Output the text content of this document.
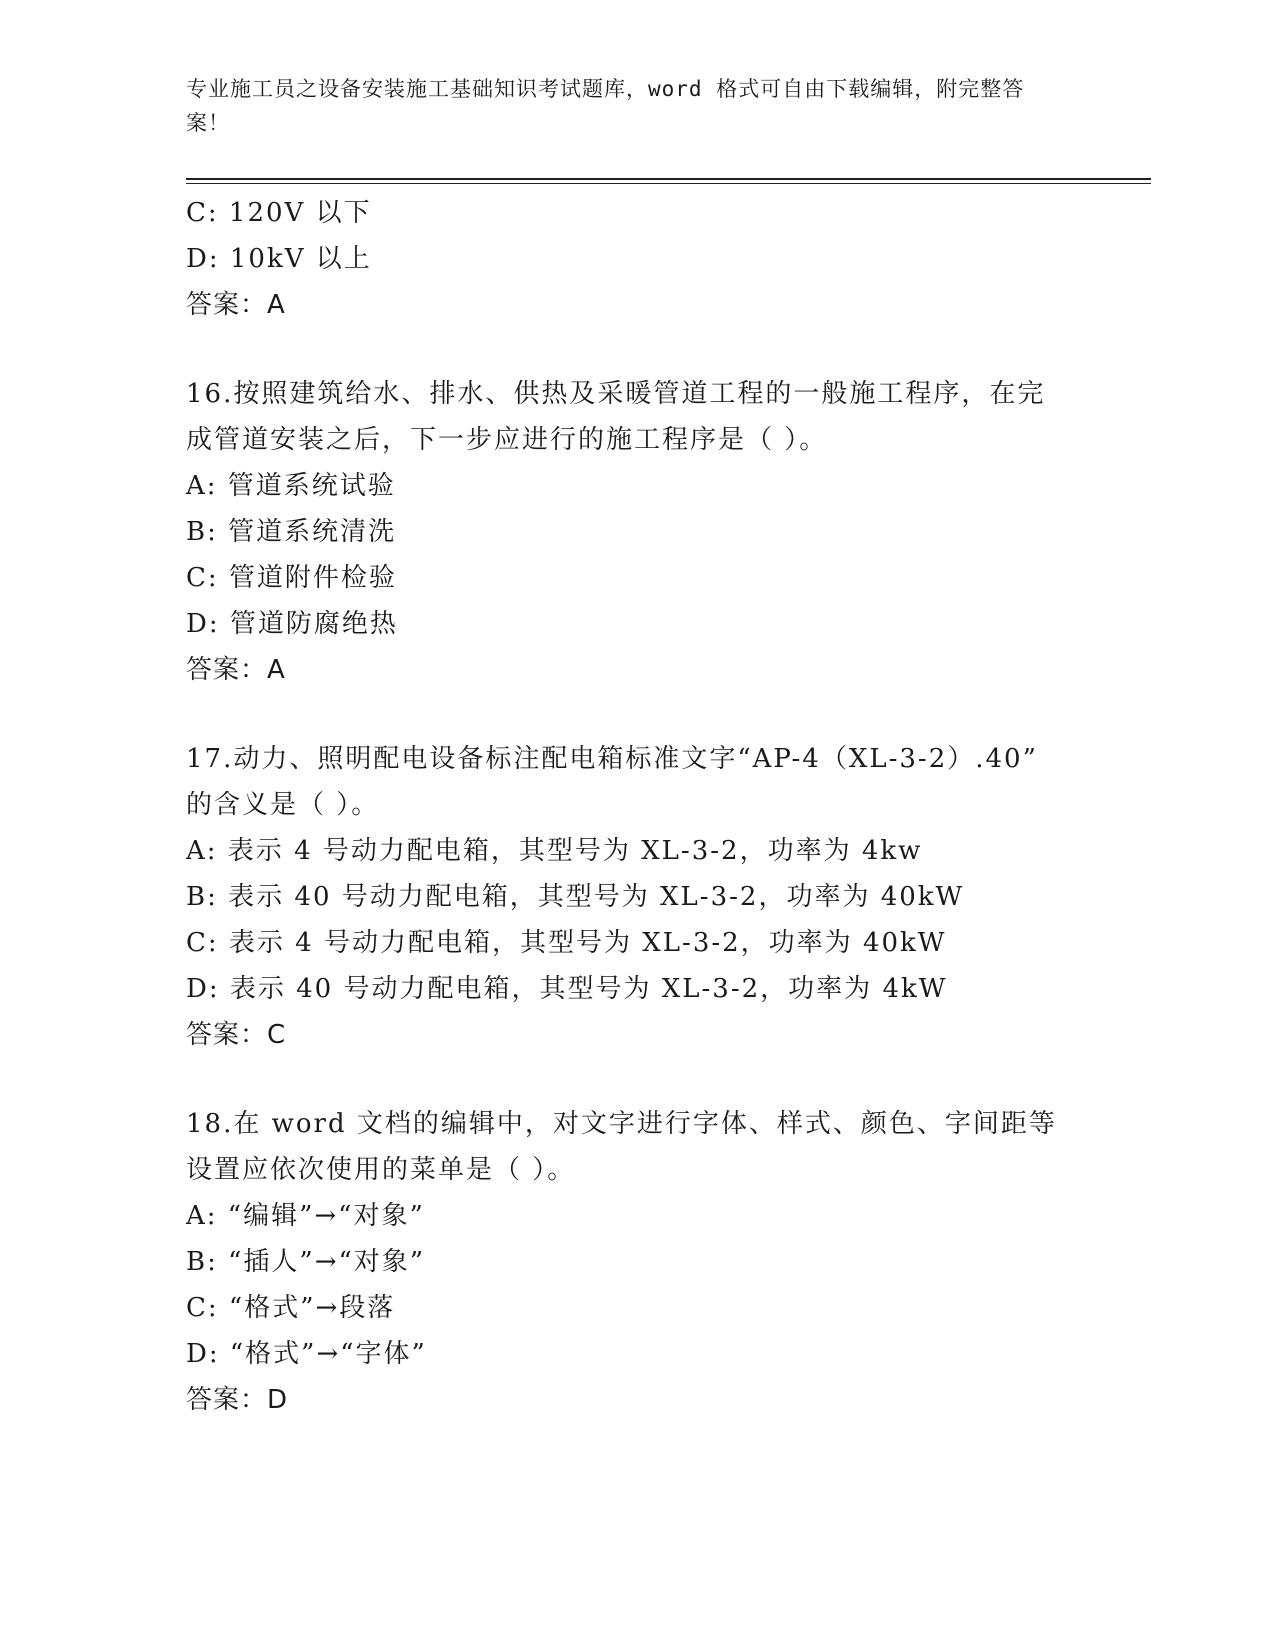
专业施工员之设备安装施工基础知识考试题库，word 格式可自由下载编辑，附完整答案！
C: 120V 以下
D: 10kV 以上
答案：A
16.按照建筑给水、排水、供热及采暖管道工程的一般施工程序，在完
成管道安装之后，下一步应进行的施工程序是（ ）。
A: 管道系统试验
B: 管道系统清洗
C: 管道附件检验
D: 管道防腐绝热
答案：A
17.动力、照明配电设备标注配电箱标准文字“AP-4（XL-3-2）.40”
的含义是（ ）。
A: 表示 4 号动力配电箱，其型号为 XL-3-2，功率为 4kw
B: 表示 40 号动力配电箱，其型号为 XL-3-2，功率为 40kW
C: 表示 4 号动力配电箱，其型号为 XL-3-2，功率为 40kW
D: 表示 40 号动力配电箱，其型号为 XL-3-2，功率为 4kW
答案：C
18.在 word 文档的编辑中，对文字进行字体、样式、颜色、字间距等
设置应依次使用的菜单是（ ）。
A: “编辑”→“对象”
B: “插人”→“对象”
C: “格式”→段落
D: “格式”→“字体”
答案：D
